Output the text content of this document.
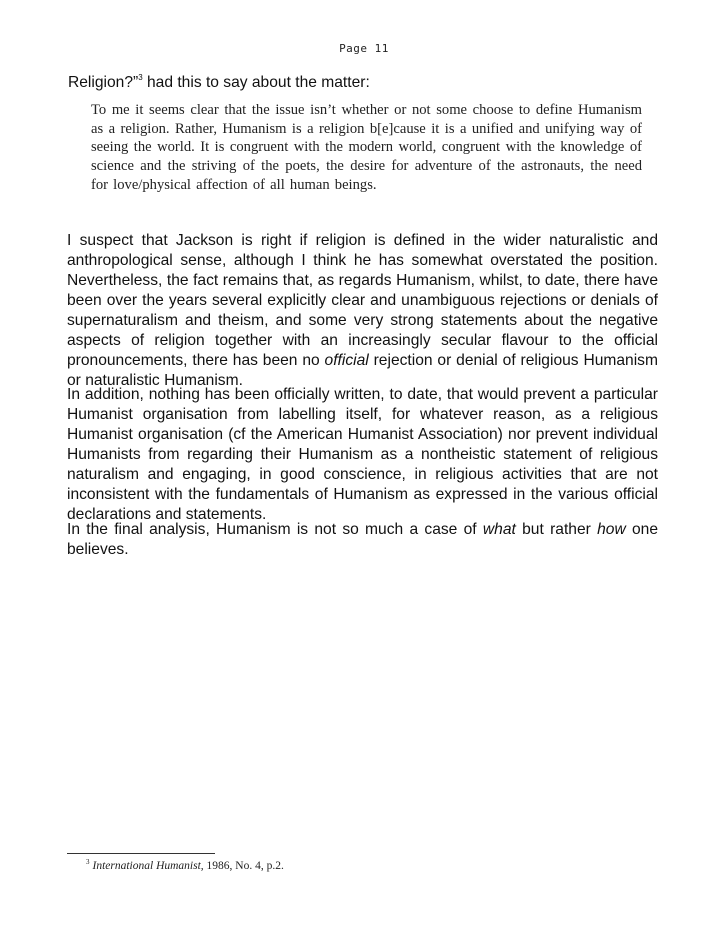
Page 11
Religion?”$^3$ had this to say about the matter:
To me it seems clear that the issue isn’t whether or not some choose to define Humanism as a religion. Rather, Humanism is a religion b[e]cause it is a unified and unifying way of seeing the world. It is congruent with the modern world, congruent with the knowledge of science and the striving of the poets, the desire for adventure of the astronauts, the need for love/physical affection of all human beings.

I suspect that Jackson is right if religion is defined in the wider naturalistic and anthropological sense, although I think he has somewhat overstated the position. Nevertheless, the fact remains that, as regards Humanism, whilst, to date, there have been over the years several explicitly clear and unambiguous rejections or denials of supernaturalism and theism, and some very strong statements about the negative aspects of religion together with an increasingly secular flavour to the official pronouncements, there has been no official rejection or denial of religious Humanism or naturalistic Humanism.

In addition, nothing has been officially written, to date, that would prevent a particular Humanist organisation from labelling itself, for whatever reason, as a religious Humanist organisation (cf the American Humanist Association) nor prevent individual Humanists from regarding their Humanism as a nontheistic statement of religious naturalism and engaging, in good conscience, in religious activities that are not inconsistent with the fundamentals of Humanism as expressed in the various official declarations and statements.

In the final analysis, Humanism is not so much a case of what but rather how one believes.

$^3$ International Humanist, 1986, No. 4, p.2.
